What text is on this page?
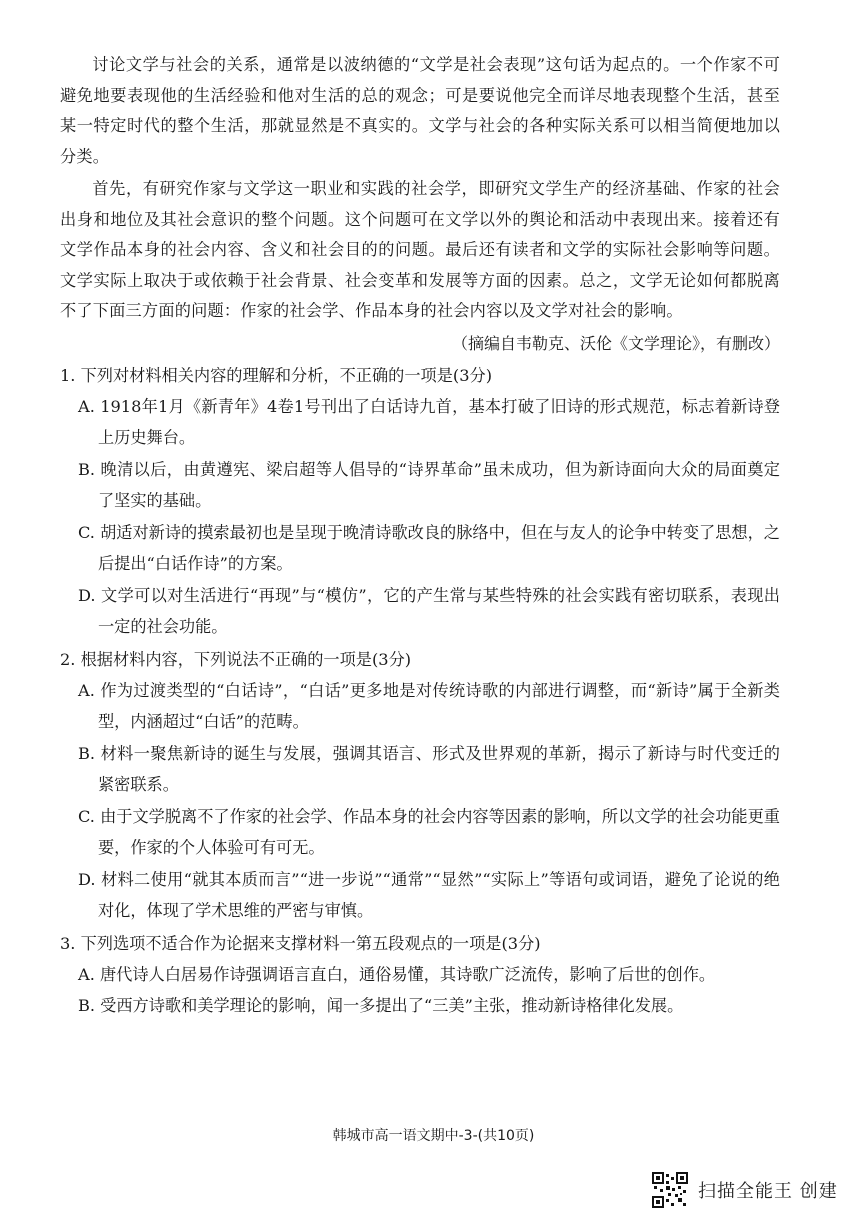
讨论文学与社会的关系，通常是以波纳德的“文学是社会表现”这句话为起点的。一个作家不可避免地要表现他的生活经验和他对生活的总的观念；可是要说他完全而详尽地表现整个生活，甚至某一特定时代的整个生活，那就显然是不真实的。文学与社会的各种实际关系可以相当简便地加以分类。

首先，有研究作家与文学这一职业和实践的社会学，即研究文学生产的经济基础、作家的社会出身和地位及其社会意识的整个问题。这个问题可在文学以外的舆论和活动中表现出来。接着还有文学作品本身的社会内容、含义和社会目的的问题。最后还有读者和文学的实际社会影响等问题。文学实际上取决于或依赖于社会背景、社会变革和发展等方面的因素。总之，文学无论如何都脱离不了下面三方面的问题：作家的社会学、作品本身的社会内容以及文学对社会的影响。

（摘编自韦勒克、沃伦《文学理论》，有删改）

1. 下列对材料相关内容的理解和分析，不正确的一项是(3分)

A. 1918年1月《新青年》4卷1号刊出了白话诗九首，基本打破了旧诗的形式规范，标志着新诗登上历史舞台。

B. 晚清以后，由黄遵宪、梁启超等人倡导的“诗界革命”虽未成功，但为新诗面向大众的局面奠定了坚实的基础。

C. 胡适对新诗的摸索最初也是呈现于晚清诗歌改良的脉络中，但在与友人的论争中转变了思想，之后提出“白话作诗”的方案。

D. 文学可以对生活进行“再现”与“模仿”，它的产生常与某些特殊的社会实践有密切联系，表现出一定的社会功能。

2. 根据材料内容，下列说法不正确的一项是(3分)

A. 作为过渡类型的“白话诗”，“白话”更多地是对传统诗歌的内部进行调整，而“新诗”属于全新类型，内涵超过“白话”的范畴。

B. 材料一聚焦新诗的诞生与发展，强调其语言、形式及世界观的革新，揭示了新诗与时代变迁的紧密联系。

C. 由于文学脱离不了作家的社会学、作品本身的社会内容等因素的影响，所以文学的社会功能更重要，作家的个人体验可有可无。

D. 材料二使用“就其本质而言”“进一步说”“通常”“显然”“实际上”等语句或词语，避免了论说的绝对化，体现了学术思维的严密与审慎。

3. 下列选项不适合作为论据来支撑材料一第五段观点的一项是(3分)

A. 唐代诗人白居易作诗强调语言直白，通俗易懂，其诗歌广泛流传，影响了后世的创作。

B. 受西方诗歌和美学理论的影响，闻一多提出了“三美”主张，推动新诗格律化发展。

韩城市高一语文期中-3-(共10页)
扫描全能王 创建
